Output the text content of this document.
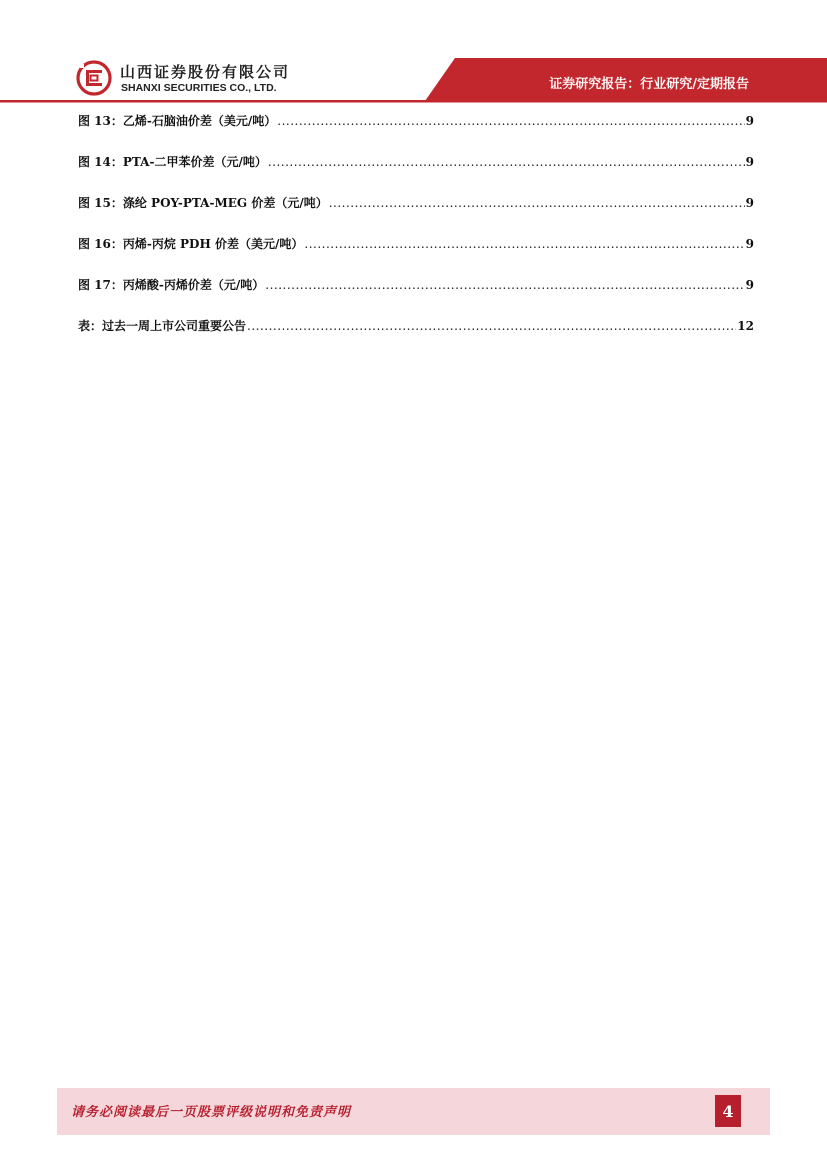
山西证券股份有限公司
SHANXI SECURITIES CO., LTD.	证券研究报告：行业研究/定期报告
图 13：乙烯-石脑油价差（美元/吨） .....	9
图 14：PTA-二甲苯价差（元/吨） .....	9
图 15：涤纶 POY-PTA-MEG 价差（元/吨） .....	9
图 16：丙烯-丙烷 PDH 价差（美元/吨） .....	9
图 17：丙烯酸-丙烯价差（元/吨） .....	9
表：过去一周上市公司重要公告 .....	12
请务必阅读最后一页股票评级说明和免责声明	4
